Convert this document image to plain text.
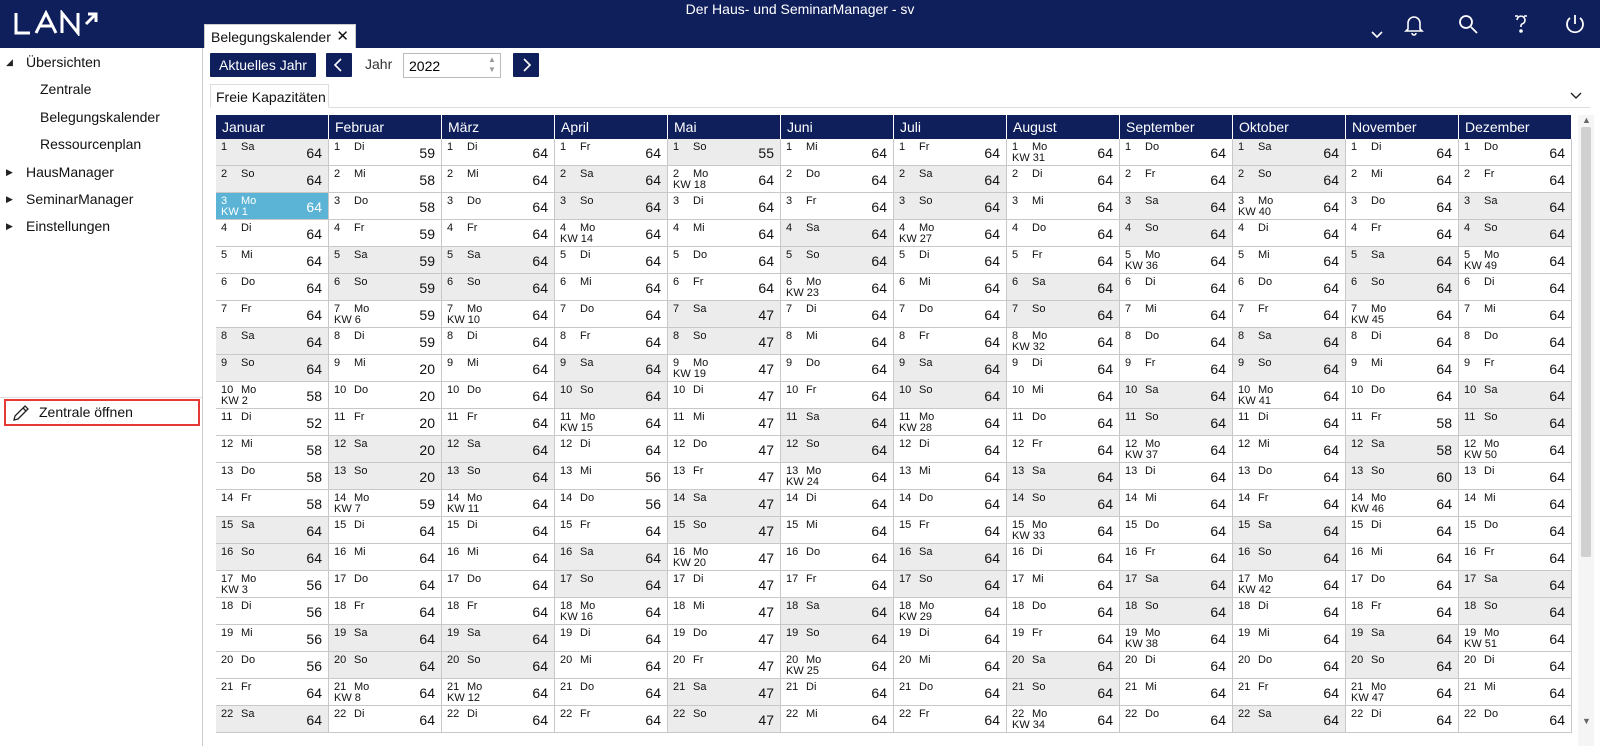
Der Haus- und SeminarManager - sv
Belegungskalender ✕
◢ Übersichten
Zentrale
Belegungskalender
Ressourcenplan
▶ HausManager
▶ SeminarManager
▶ Einstellungen
Zentrale öffnen
Aktuelles Jahr	Jahr
2022	▲
▼
Freie Kapazitäten
Januar
1 Sa	64
2 So	64
3 Mo
KW 1	64
4 Di	64
5 Mi	64
6 Do	64
7 Fr	64
8 Sa	64
9 So	64
10 Mo
KW 2	58
11 Di	52
12 Mi	58
13 Do	58
14 Fr	58
15 Sa	64
16 So	64
17 Mo
KW 3	56
18 Di	56
19 Mi	56
20 Do	56
21 Fr	64
22 Sa	64
Februar
1 Di	59
2 Mi	58
3 Do	58
4 Fr	59
5 Sa	59
6 So	59
7 Mo
KW 6	59
8 Di	59
9 Mi	20
10 Do	20
11 Fr	20
12 Sa	20
13 So	20
14 Mo
KW 7	59
15 Di	64
16 Mi	64
17 Do	64
18 Fr	64
19 Sa	64
20 So	64
21 Mo
KW 8	64
22 Di	64
März
1 Di	64
2 Mi	64
3 Do	64
4 Fr	64
5 Sa	64
6 So	64
7 Mo
KW 10	64
8 Di	64
9 Mi	64
10 Do	64
11 Fr	64
12 Sa	64
13 So	64
14 Mo
KW 11	64
15 Di	64
16 Mi	64
17 Do	64
18 Fr	64
19 Sa	64
20 So	64
21 Mo
KW 12	64
22 Di	64
April
1 Fr	64
2 Sa	64
3 So	64
4 Mo
KW 14	64
5 Di	64
6 Mi	64
7 Do	64
8 Fr	64
9 Sa	64
10 So	64
11 Mo
KW 15	64
12 Di	64
13 Mi	56
14 Do	56
15 Fr	64
16 Sa	64
17 So	64
18 Mo
KW 16	64
19 Di	64
20 Mi	64
21 Do	64
22 Fr	64
Mai
1 So	55
2 Mo
KW 18	64
3 Di	64
4 Mi	64
5 Do	64
6 Fr	64
7 Sa	47
8 So	47
9 Mo
KW 19	47
10 Di	47
11 Mi	47
12 Do	47
13 Fr	47
14 Sa	47
15 So	47
16 Mo
KW 20	47
17 Di	47
18 Mi	47
19 Do	47
20 Fr	47
21 Sa	47
22 So	47
Juni
1 Mi	64
2 Do	64
3 Fr	64
4 Sa	64
5 So	64
6 Mo
KW 23	64
7 Di	64
8 Mi	64
9 Do	64
10 Fr	64
11 Sa	64
12 So	64
13 Mo
KW 24	64
14 Di	64
15 Mi	64
16 Do	64
17 Fr	64
18 Sa	64
19 So	64
20 Mo
KW 25	64
21 Di	64
22 Mi	64
Juli
1 Fr	64
2 Sa	64
3 So	64
4 Mo
KW 27	64
5 Di	64
6 Mi	64
7 Do	64
8 Fr	64
9 Sa	64
10 So	64
11 Mo
KW 28	64
12 Di	64
13 Mi	64
14 Do	64
15 Fr	64
16 Sa	64
17 So	64
18 Mo
KW 29	64
19 Di	64
20 Mi	64
21 Do	64
22 Fr	64
August
1 Mo
KW 31	64
2 Di	64
3 Mi	64
4 Do	64
5 Fr	64
6 Sa	64
7 So	64
8 Mo
KW 32	64
9 Di	64
10 Mi	64
11 Do	64
12 Fr	64
13 Sa	64
14 So	64
15 Mo
KW 33	64
16 Di	64
17 Mi	64
18 Do	64
19 Fr	64
20 Sa	64
21 So	64
22 Mo
KW 34	64
September
1 Do	64
2 Fr	64
3 Sa	64
4 So	64
5 Mo
KW 36	64
6 Di	64
7 Mi	64
8 Do	64
9 Fr	64
10 Sa	64
11 So	64
12 Mo
KW 37	64
13 Di	64
14 Mi	64
15 Do	64
16 Fr	64
17 Sa	64
18 So	64
19 Mo
KW 38	64
20 Di	64
21 Mi	64
22 Do	64
Oktober
1 Sa	64
2 So	64
3 Mo
KW 40	64
4 Di	64
5 Mi	64
6 Do	64
7 Fr	64
8 Sa	64
9 So	64
10 Mo
KW 41	64
11 Di	64
12 Mi	64
13 Do	64
14 Fr	64
15 Sa	64
16 So	64
17 Mo
KW 42	64
18 Di	64
19 Mi	64
20 Do	64
21 Fr	64
22 Sa	64
November
1 Di	64
2 Mi	64
3 Do	64
4 Fr	64
5 Sa	64
6 So	64
7 Mo
KW 45	64
8 Di	64
9 Mi	64
10 Do	64
11 Fr	58
12 Sa	58
13 So	60
14 Mo
KW 46	64
15 Di	64
16 Mi	64
17 Do	64
18 Fr	64
19 Sa	64
20 So	64
21 Mo
KW 47	64
22 Di	64
Dezember
1 Do	64
2 Fr	64
3 Sa	64
4 So	64
5 Mo
KW 49	64
6 Di	64
7 Mi	64
8 Do	64
9 Fr	64
10 Sa	64
11 So	64
12 Mo
KW 50	64
13 Di	64
14 Mi	64
15 Do	64
16 Fr	64
17 Sa	64
18 So	64
19 Mo
KW 51	64
20 Di	64
21 Mi	64
22 Do	64
▲
▼
